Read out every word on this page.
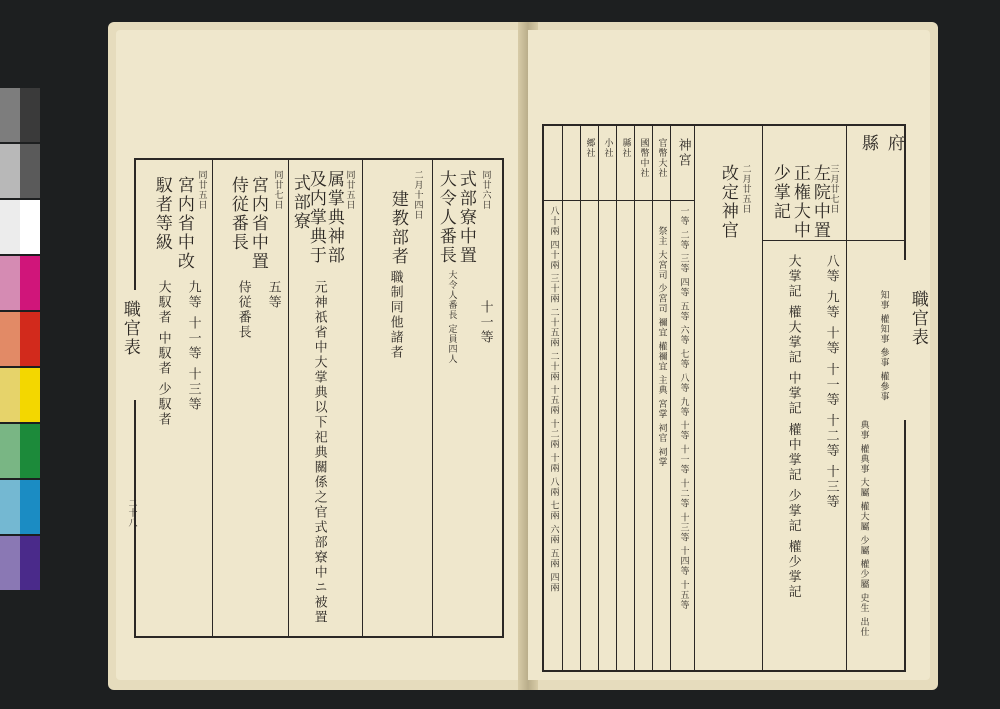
同廿六日
式部寮中置
大令人番長
十一等
大令人番長 定員四人
二月十四日
建教部者
職制同他諸者
同廿五日
属掌典神部
及内掌典于
式部寮
元神祇省中大掌典以下祀典關係之官式部寮中ニ被置
同廿七日
宮内省中置
侍従番長
五等
侍従番長
同廿五日
宮内省中改
馭者等級
九等 十一等 十三等
大馭者 中馭者 少馭者
職官表
二十八
府
縣
知事 權知事 參事 權參事
典事 權典事 大屬 權大屬 少屬 權少屬 史生 出仕
三月廿七日
左院中置
正権大中
少掌記
八等 九等 十等 十一等 十二等 十三等
大掌記 權大掌記 中掌記 權中掌記 少掌記 權少掌記
二月廿五日
改定神官
神宮
官幣大社
國幣中社
縣社
郷社 小社
一等 二等 三等 四等 五等 六等 七等 八等 九等 十等 十一等 十二等 十三等 十四等 十五等
八十兩 四十兩 三十兩 二十五兩 二十兩 十五兩 十二兩 十兩 八兩 七兩 六兩 五兩 四兩	祭主 大宮司 少宮司 禰宜 權禰宜 主典 宮掌 祠官 祠掌	職官表
